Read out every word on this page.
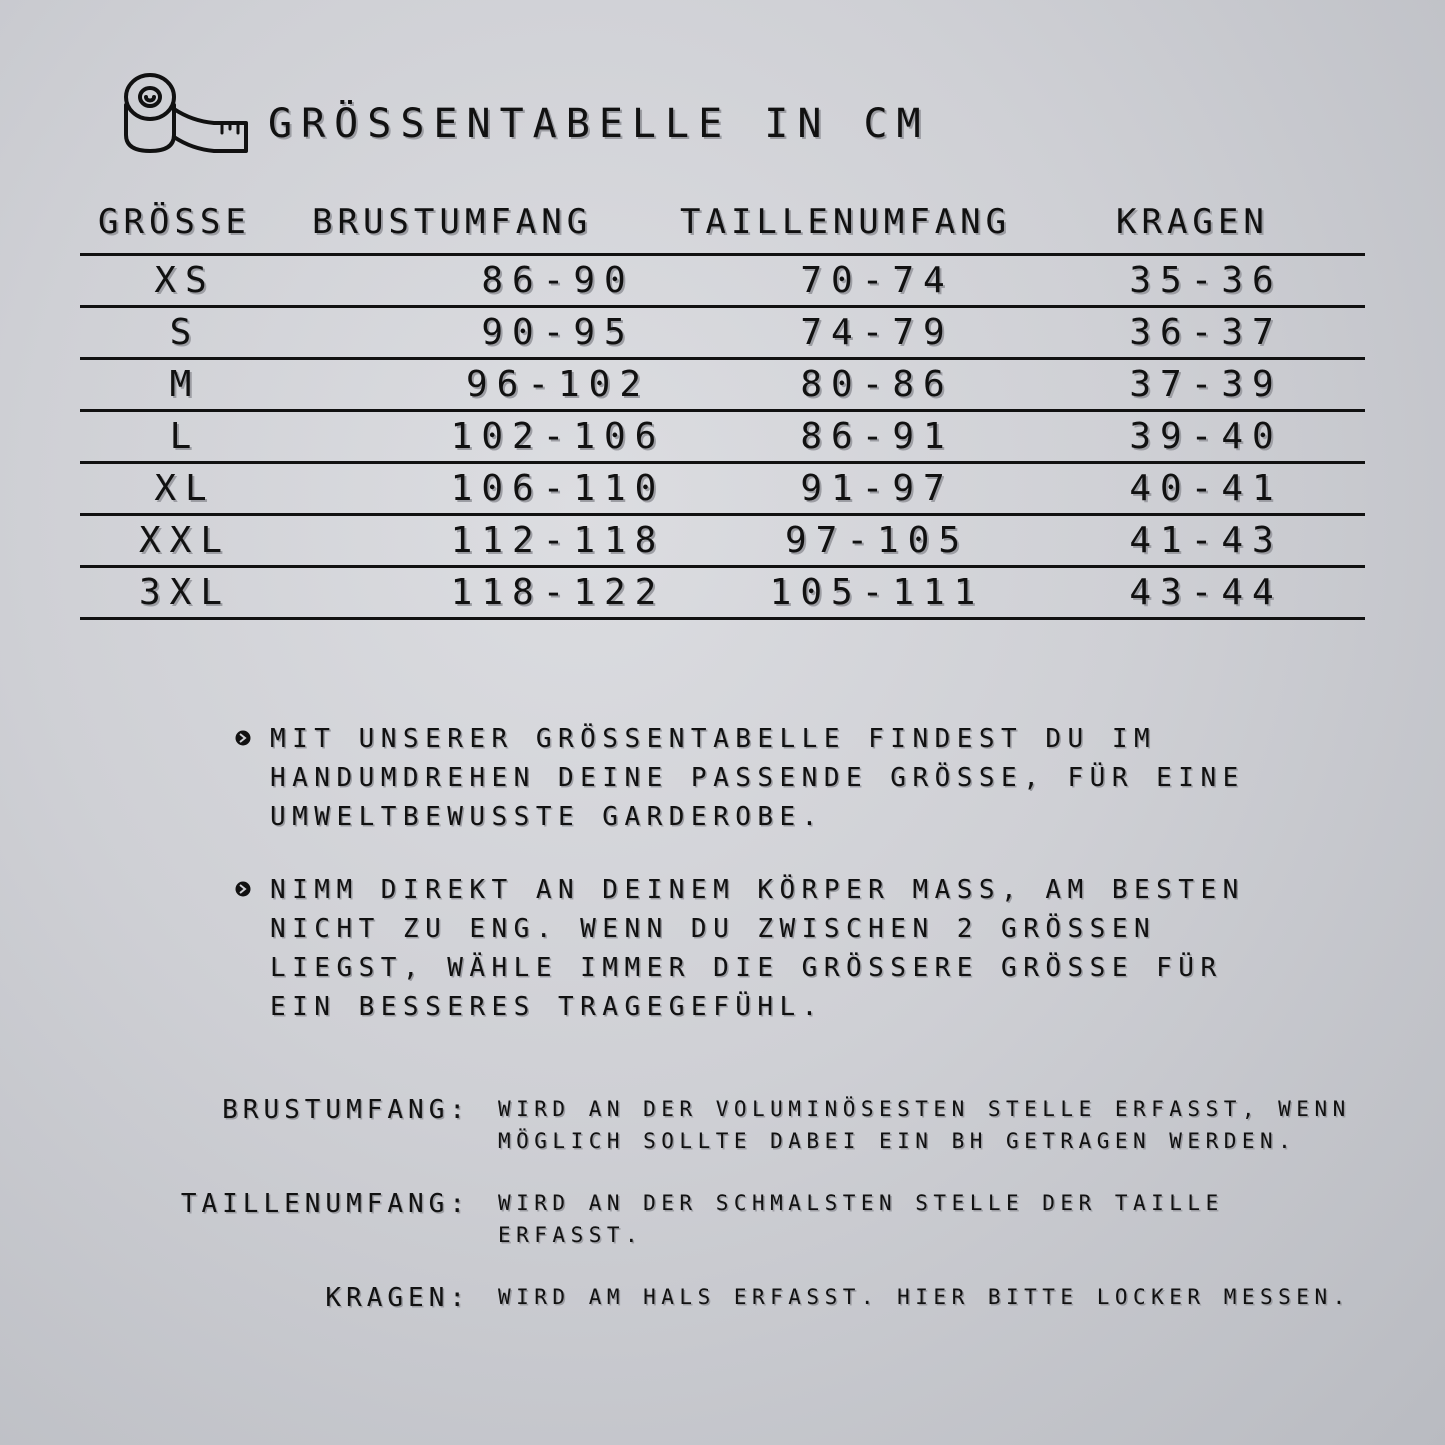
GRÖSSENTABELLE IN CM
GRÖSSE BRUSTUMFANG	TAILLENUMFANG	KRAGEN
XS	86-90	70-74	35-36
S	90-95	74-79	36-37
M	96-102	80-86	37-39
L	102-106	86-91	39-40
XL	106-110	91-97	40-41
XXL	112-118	97-105	41-43
3XL	118-122	105-111	43-44
MIT UNSERER GRÖSSENTABELLE FINDEST DU IM HANDUMDREHEN DEINE PASSENDE GRÖSSE, FÜR EINE UMWELTBEWUSSTE GARDEROBE.
NIMM DIREKT AN DEINEM KÖRPER MASS, AM BESTEN NICHT ZU ENG. WENN DU ZWISCHEN 2 GRÖSSEN LIEGST, WÄHLE IMMER DIE GRÖSSERE GRÖSSE FÜR EIN BESSERES TRAGEGEFÜHL.
BRUSTUMFANG: WIRD AN DER VOLUMINÖSESTEN STELLE ERFASST, WENN MÖGLICH SOLLTE DABEI EIN BH GETRAGEN WERDEN.
TAILLENUMFANG: WIRD AN DER SCHMALSTEN STELLE DER TAILLE ERFASST.
KRAGEN: WIRD AM HALS ERFASST. HIER BITTE LOCKER MESSEN.
